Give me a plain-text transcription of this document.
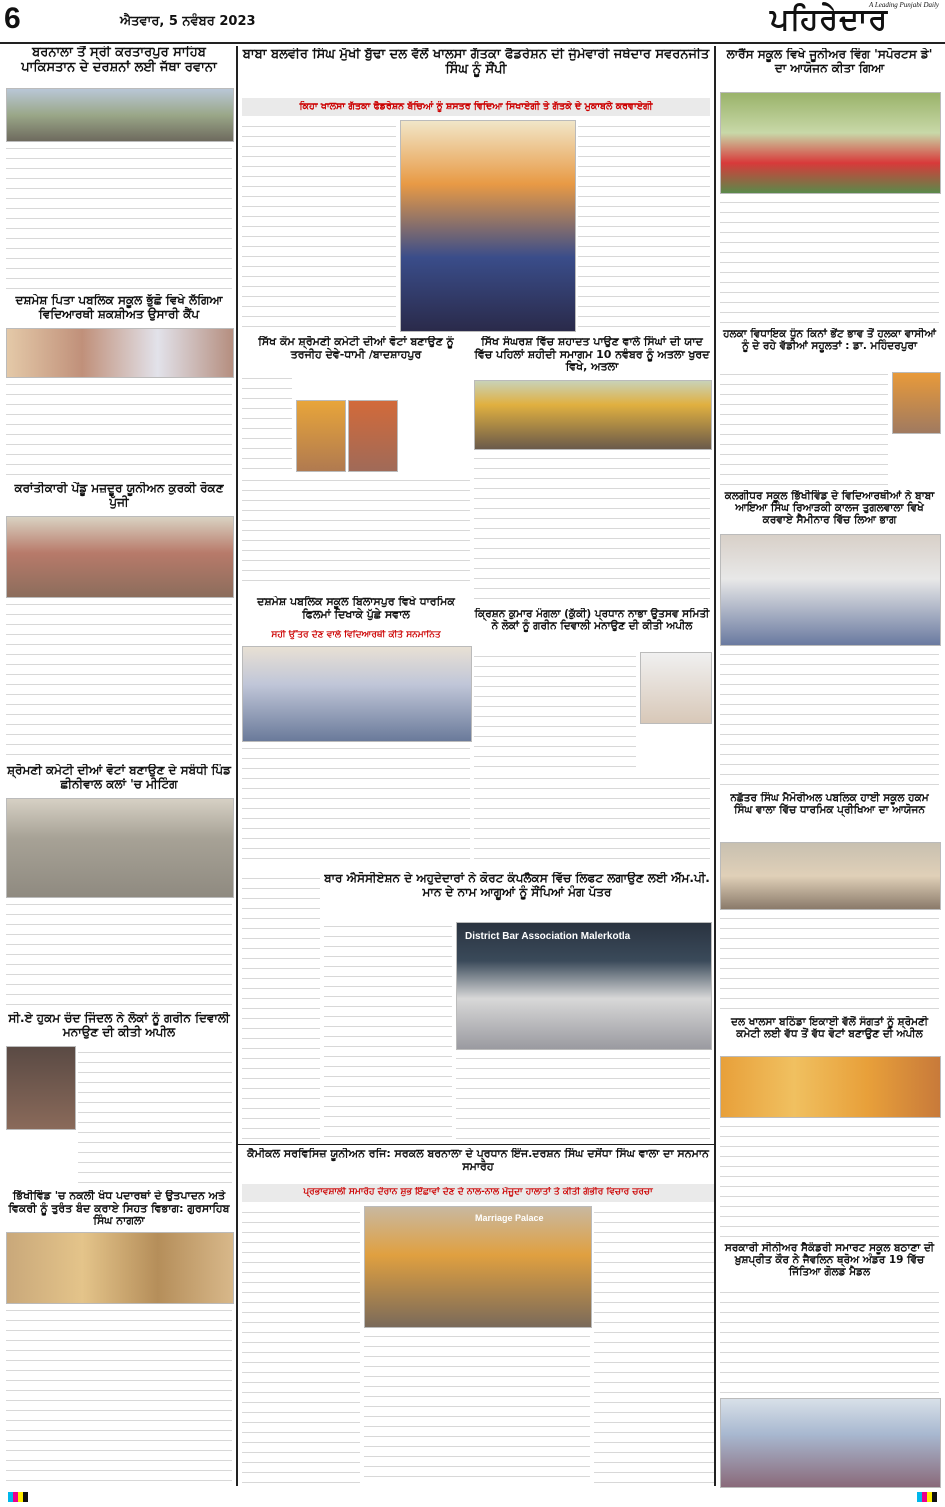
6	ਐਤਵਾਰ, 5 ਨਵੰਬਰ 2023
A Leading Punjabi Daily
ਪਹਿਰੇਦਾਰ
ਬਰਨਾਲਾ ਤੋਂ ਸ੍ਰੀ ਕਰਤਾਰਪੁਰ ਸਾਹਿਬ ਪਾਕਿਸਤਾਨ ਦੇ ਦਰਸ਼ਨਾਂ ਲਈ ਜੱਥਾ ਰਵਾਨਾ
ਦਸ਼ਮੇਸ਼ ਪਿਤਾ ਪਬਲਿਕ ਸਕੂਲ ਭੁੱਛੋ ਵਿਖੇ ਲੱਗਿਆ ਵਿਦਿਆਰਥੀ ਸ਼ਕਸ਼ੀਅਤ ਉਸਾਰੀ ਕੈਂਪ
ਕਰਾਂਤੀਕਾਰੀ ਪੇਂਡੂ ਮਜ਼ਦੂਰ ਯੂਨੀਅਨ ਕੁਰਕੀ ਰੋਕਣ ਪੁੱਜੀ
ਸ਼੍ਰੋਮਣੀ ਕਮੇਟੀ ਦੀਆਂ ਵੋਟਾਂ ਬਣਾਉਣ ਦੇ ਸਬੰਧੀ ਪਿੰਡ ਛੀਨੀਵਾਲ ਕਲਾਂ 'ਚ ਮੀਟਿੰਗ
ਸੀ.ਏ ਹੁਕਮ ਚੰਦ ਜਿੰਦਲ ਨੇ ਲੋਕਾਂ ਨੂੰ ਗਰੀਨ ਦਿਵਾਲੀ ਮਨਾਉਣ ਦੀ ਕੀਤੀ ਅਪੀਲ
ਭਿੱਖੀਵਿੰਡ 'ਚ ਨਕਲੀ ਖੰਧ ਪਦਾਰਥਾਂ ਦੇ ਉਤਪਾਦਨ ਅਤੇ ਵਿਕਰੀ ਨੂੰ ਤੁਰੰਤ ਬੰਦ ਕਰਾਏ ਸਿਹਤ ਵਿਭਾਗ: ਗੁਰਸਾਹਿਬ ਸਿੰਘ ਨਾਗਲਾ
ਬਾਬਾ ਬਲਵੀਰ ਸਿੰਘ ਮੁੱਖੀ ਬੁੱਢਾ ਦਲ ਵੱਲੋਂ ਖਾਲਸਾ ਗੱਤਕਾ ਫੈਡਰੇਸ਼ਨ ਦੀ ਜੁੰਮੇਵਾਰੀ ਜਥੇਦਾਰ ਸਵਰਨਜੀਤ ਸਿੰਘ ਨੂੰ ਸੌਂਪੀ
ਕਿਹਾ ਖਾਲਸਾ ਗੱਤਕਾ ਫੈਡਰੇਸ਼ਨ ਬੱਚਿਆਂ ਨੂੰ ਸ਼ਸਤਰ ਵਿਦਿਆ ਸਿਖਾਏਗੀ ਤੇ ਗੱਤਕੇ ਦੇ ਮੁਕਾਬਲੇ ਕਰਵਾਏਗੀ
ਸਿੱਖ ਕੌਮ ਸ਼੍ਰੋਮਣੀ ਕਮੇਟੀ ਦੀਆਂ ਵੋਟਾਂ ਬਣਾਉਣ ਨੂੰ ਤਰਜੀਹ ਦੇਵੇ-ਧਾਮੀ /ਬਾਦਸ਼ਾਹਪੁਰ
ਸਿੱਖ ਸੰਘਰਸ਼ ਵਿੱਚ ਸ਼ਹਾਦਤ ਪਾਉਣ ਵਾਲੇ ਸਿੰਘਾਂ ਦੀ ਯਾਦ ਵਿੱਚ ਪਹਿਲਾਂ ਸ਼ਹੀਦੀ ਸਮਾਗਮ 10 ਨਵੰਬਰ ਨੂੰ ਅਤਲਾ ਖੁਰਦ ਵਿਖੇ, ਅਤਲਾ
ਦਸ਼ਮੇਸ਼ ਪਬਲਿਕ ਸਕੂਲ ਬਿਲਾਸਪੁਰ ਵਿਖੇ ਧਾਰਮਿਕ ਫਿਲਮਾਂ ਦਿਖਾਕੇ ਪੁੱਛੇ ਸਵਾਲ
ਸਹੀ ਉੱਤਰ ਦੇਣ ਵਾਲੇ ਵਿਦਿਆਰਥੀ ਕੀਤੇ ਸਨਮਾਨਿਤ
ਕ੍ਰਿਸ਼ਨ ਕੁਮਾਰ ਮੰਗਲਾ (ਕੁੱਕੀ) ਪ੍ਰਧਾਨ ਨਾਭਾ ਉਤਸਵ ਸਮਿਤੀ ਨੇ ਲੋਕਾਂ ਨੂੰ ਗਰੀਨ ਦਿਵਾਲੀ ਮਨਾਉਣ ਦੀ ਕੀਤੀ ਅਪੀਲ
ਬਾਰ ਐਸੋਸੀਏਸ਼ਨ ਦੇ ਅਹੁਦੇਦਾਰਾਂ ਨੇ ਕੋਰਟ ਕੰਪਲੈਕਸ ਵਿੱਚ ਲਿਫਟ ਲਗਾਉਣ ਲਈ ਐੱਮ.ਪੀ. ਮਾਨ ਦੇ ਨਾਮ ਆਗੂਆਂ ਨੂੰ ਸੌਂਪਿਆਂ ਮੰਗ ਪੱਤਰ
District Bar Association Malerkotla
ਕੈਮੀਕਲ ਸਰਵਿਸਿਜ਼ ਯੂਨੀਅਨ ਰਜਿ: ਸਰਕਲ ਬਰਨਾਲਾ ਦੇ ਪ੍ਰਧਾਨ ਇੰਜ.ਦਰਸ਼ਨ ਸਿੰਘ ਦਸੌਂਧਾ ਸਿੰਘ ਵਾਲਾ ਦਾ ਸਨਮਾਨ ਸਮਾਰੋਹ
ਪ੍ਰਭਾਵਸ਼ਾਲੀ ਸਮਾਰੋਹ ਦੌਰਾਨ ਸ਼ੁਭ ਇੱਛਾਵਾਂ ਦੇਣ ਦੇ ਨਾਲ-ਨਾਲ ਮੌਜੂਦਾ ਹਾਲਾਤਾਂ ਤੇ ਕੀਤੀ ਗੰਭੀਰ ਵਿਚਾਰ ਚਰਚਾ
Marriage Palace
ਲਾਰੈਂਸ ਸਕੂਲ ਵਿਖੇ ਜੂਨੀਅਰ ਵਿੰਗ 'ਸਪੋਰਟਸ ਡੇ' ਦਾ ਆਯੋਜਨ ਕੀਤਾ ਗਿਆ
ਹਲਕਾ ਵਿਧਾਇਕ ਧੁੰਨ ਕਿਨਾਂ ਭੇਂਟ ਭਾਵ ਤੋਂ ਹਲਕਾ ਵਾਸੀਆਂ ਨੂੰ ਦੇ ਰਹੇ ਵੱਡੀਆਂ ਸਹੂਲਤਾਂ : ਡਾ. ਮਹਿੰਦਰਪੁਰਾ
ਕਲਗੀਧਰ ਸਕੂਲ ਭਿੱਖੀਵਿੰਡ ਦੇ ਵਿਦਿਆਰਥੀਆਂ ਨੇ ਬਾਬਾ ਆਇਆ ਸਿੰਘ ਰਿਆੜਕੀ ਕਾਲਜ ਤੁਗਲਵਾਲਾ ਵਿਖੇ ਕਰਵਾਏ ਸੈਮੀਨਾਰ ਵਿੱਚ ਲਿਆ ਭਾਗ
ਨਛੱਤਰ ਸਿੰਘ ਮੈਮੋਰੀਅਲ ਪਬਲਿਕ ਹਾਈ ਸਕੂਲ ਹਕਮ ਸਿੰਘ ਵਾਲਾ ਵਿੱਚ ਧਾਰਮਿਕ ਪ੍ਰੀਖਿਆ ਦਾ ਆਯੋਜਨ
ਦਲ ਖਾਲਸਾ ਬਠਿੰਡਾ ਇਕਾਈ ਵੱਲੋਂ ਸੰਗਤਾਂ ਨੂੰ ਸ਼੍ਰੋਮਣੀ ਕਮੇਟੀ ਲਈ ਵੱਧ ਤੋਂ ਵੱਧ ਵੋਟਾਂ ਬਣਾਉਣ ਦੀ ਅਪੀਲ
ਸਰਕਾਰੀ ਸੀਨੀਅਰ ਸੈਕੰਡਰੀ ਸਮਾਰਟ ਸਕੂਲ ਬਠਾਣਾ ਦੀ ਖ਼ੁਸ਼ਪ੍ਰੀਤ ਕੌਰ ਨੇ ਜੈਵਲਿਨ ਥ੍ਰੋਅ ਅੰਡਰ 19 ਵਿੱਚ ਜਿੱਤਿਆ ਗੋਲਡ ਮੈਡਲ
